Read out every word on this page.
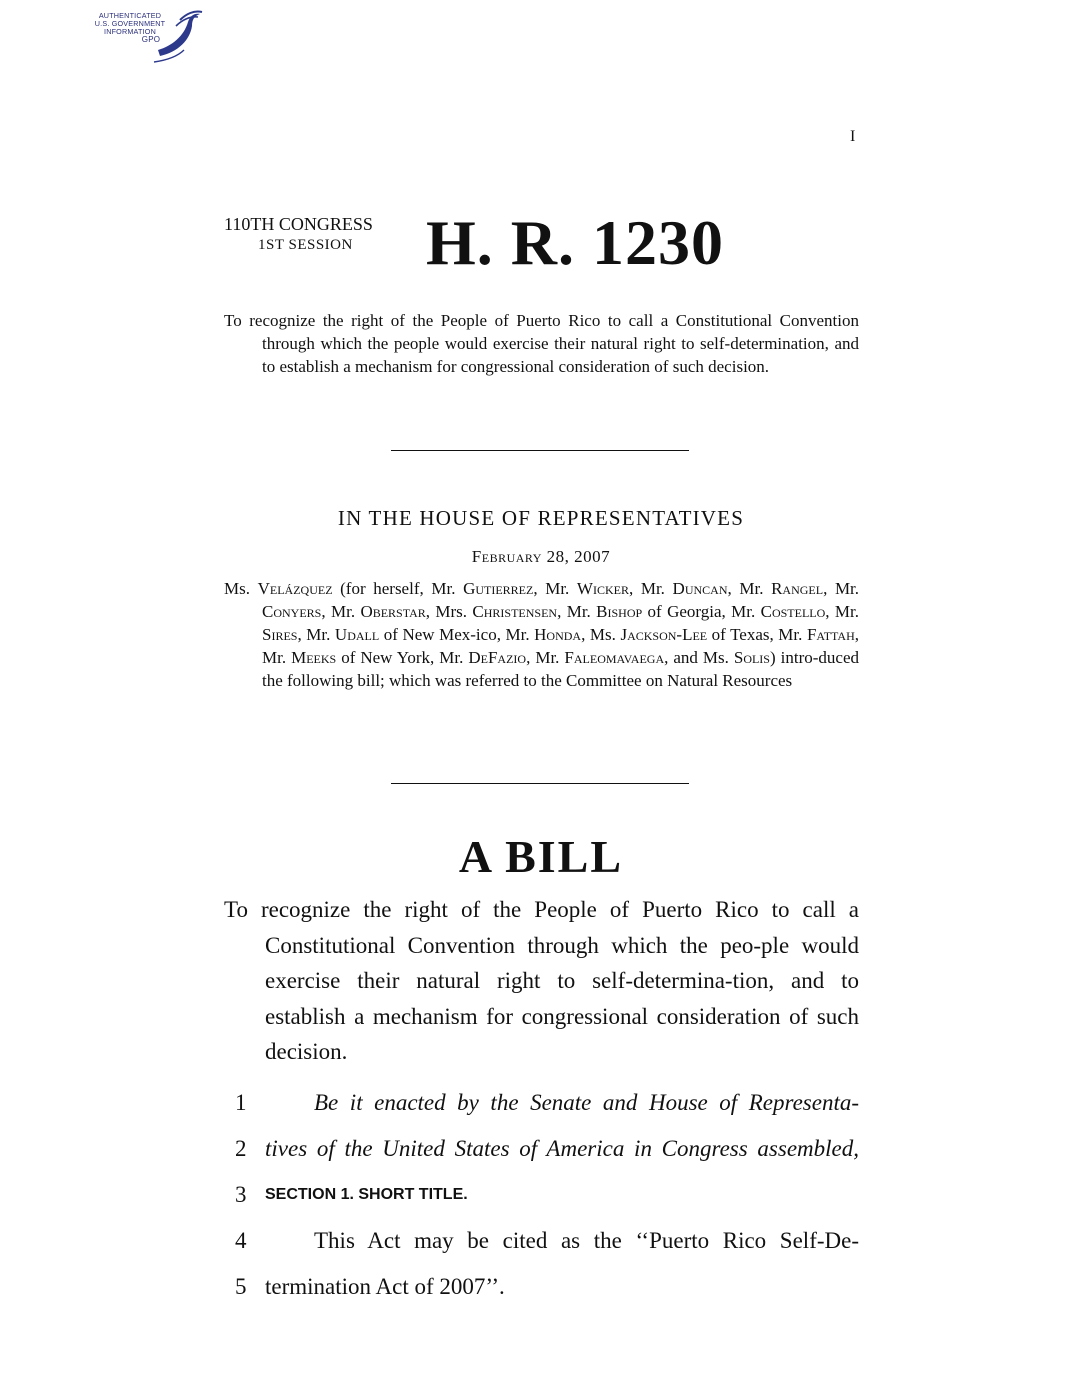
AUTHENTICATED
U.S. GOVERNMENT
INFORMATION
GPO
I
110TH CONGRESS
1ST SESSION H. R. 1230
To recognize the right of the People of Puerto Rico to call a Constitutional Convention through which the people would exercise their natural right to self-determination, and to establish a mechanism for congressional consideration of such decision.
IN THE HOUSE OF REPRESENTATIVES
February 28, 2007
Ms. Velázquez (for herself, Mr. Gutierrez, Mr. Wicker, Mr. Duncan, Mr. Rangel, Mr. Conyers, Mr. Oberstar, Mrs. Christensen, Mr. Bishop of Georgia, Mr. Costello, Mr. Sires, Mr. Udall of New Mex-ico, Mr. Honda, Ms. Jackson-Lee of Texas, Mr. Fattah, Mr. Meeks of New York, Mr. DeFazio, Mr. Faleomavaega, and Ms. Solis) intro-duced the following bill; which was referred to the Committee on Natural Resources
A BILL
To recognize the right of the People of Puerto Rico to call a Constitutional Convention through which the peo-ple would exercise their natural right to self-determina-tion, and to establish a mechanism for congressional consideration of such decision.
1	Be it enacted by the Senate and House of Representa-
2 tives of the United States of America in Congress assembled,
3	SECTION 1. SHORT TITLE.
4	This Act may be cited as the ‘‘Puerto Rico Self-De-
5 termination Act of 2007’’.
